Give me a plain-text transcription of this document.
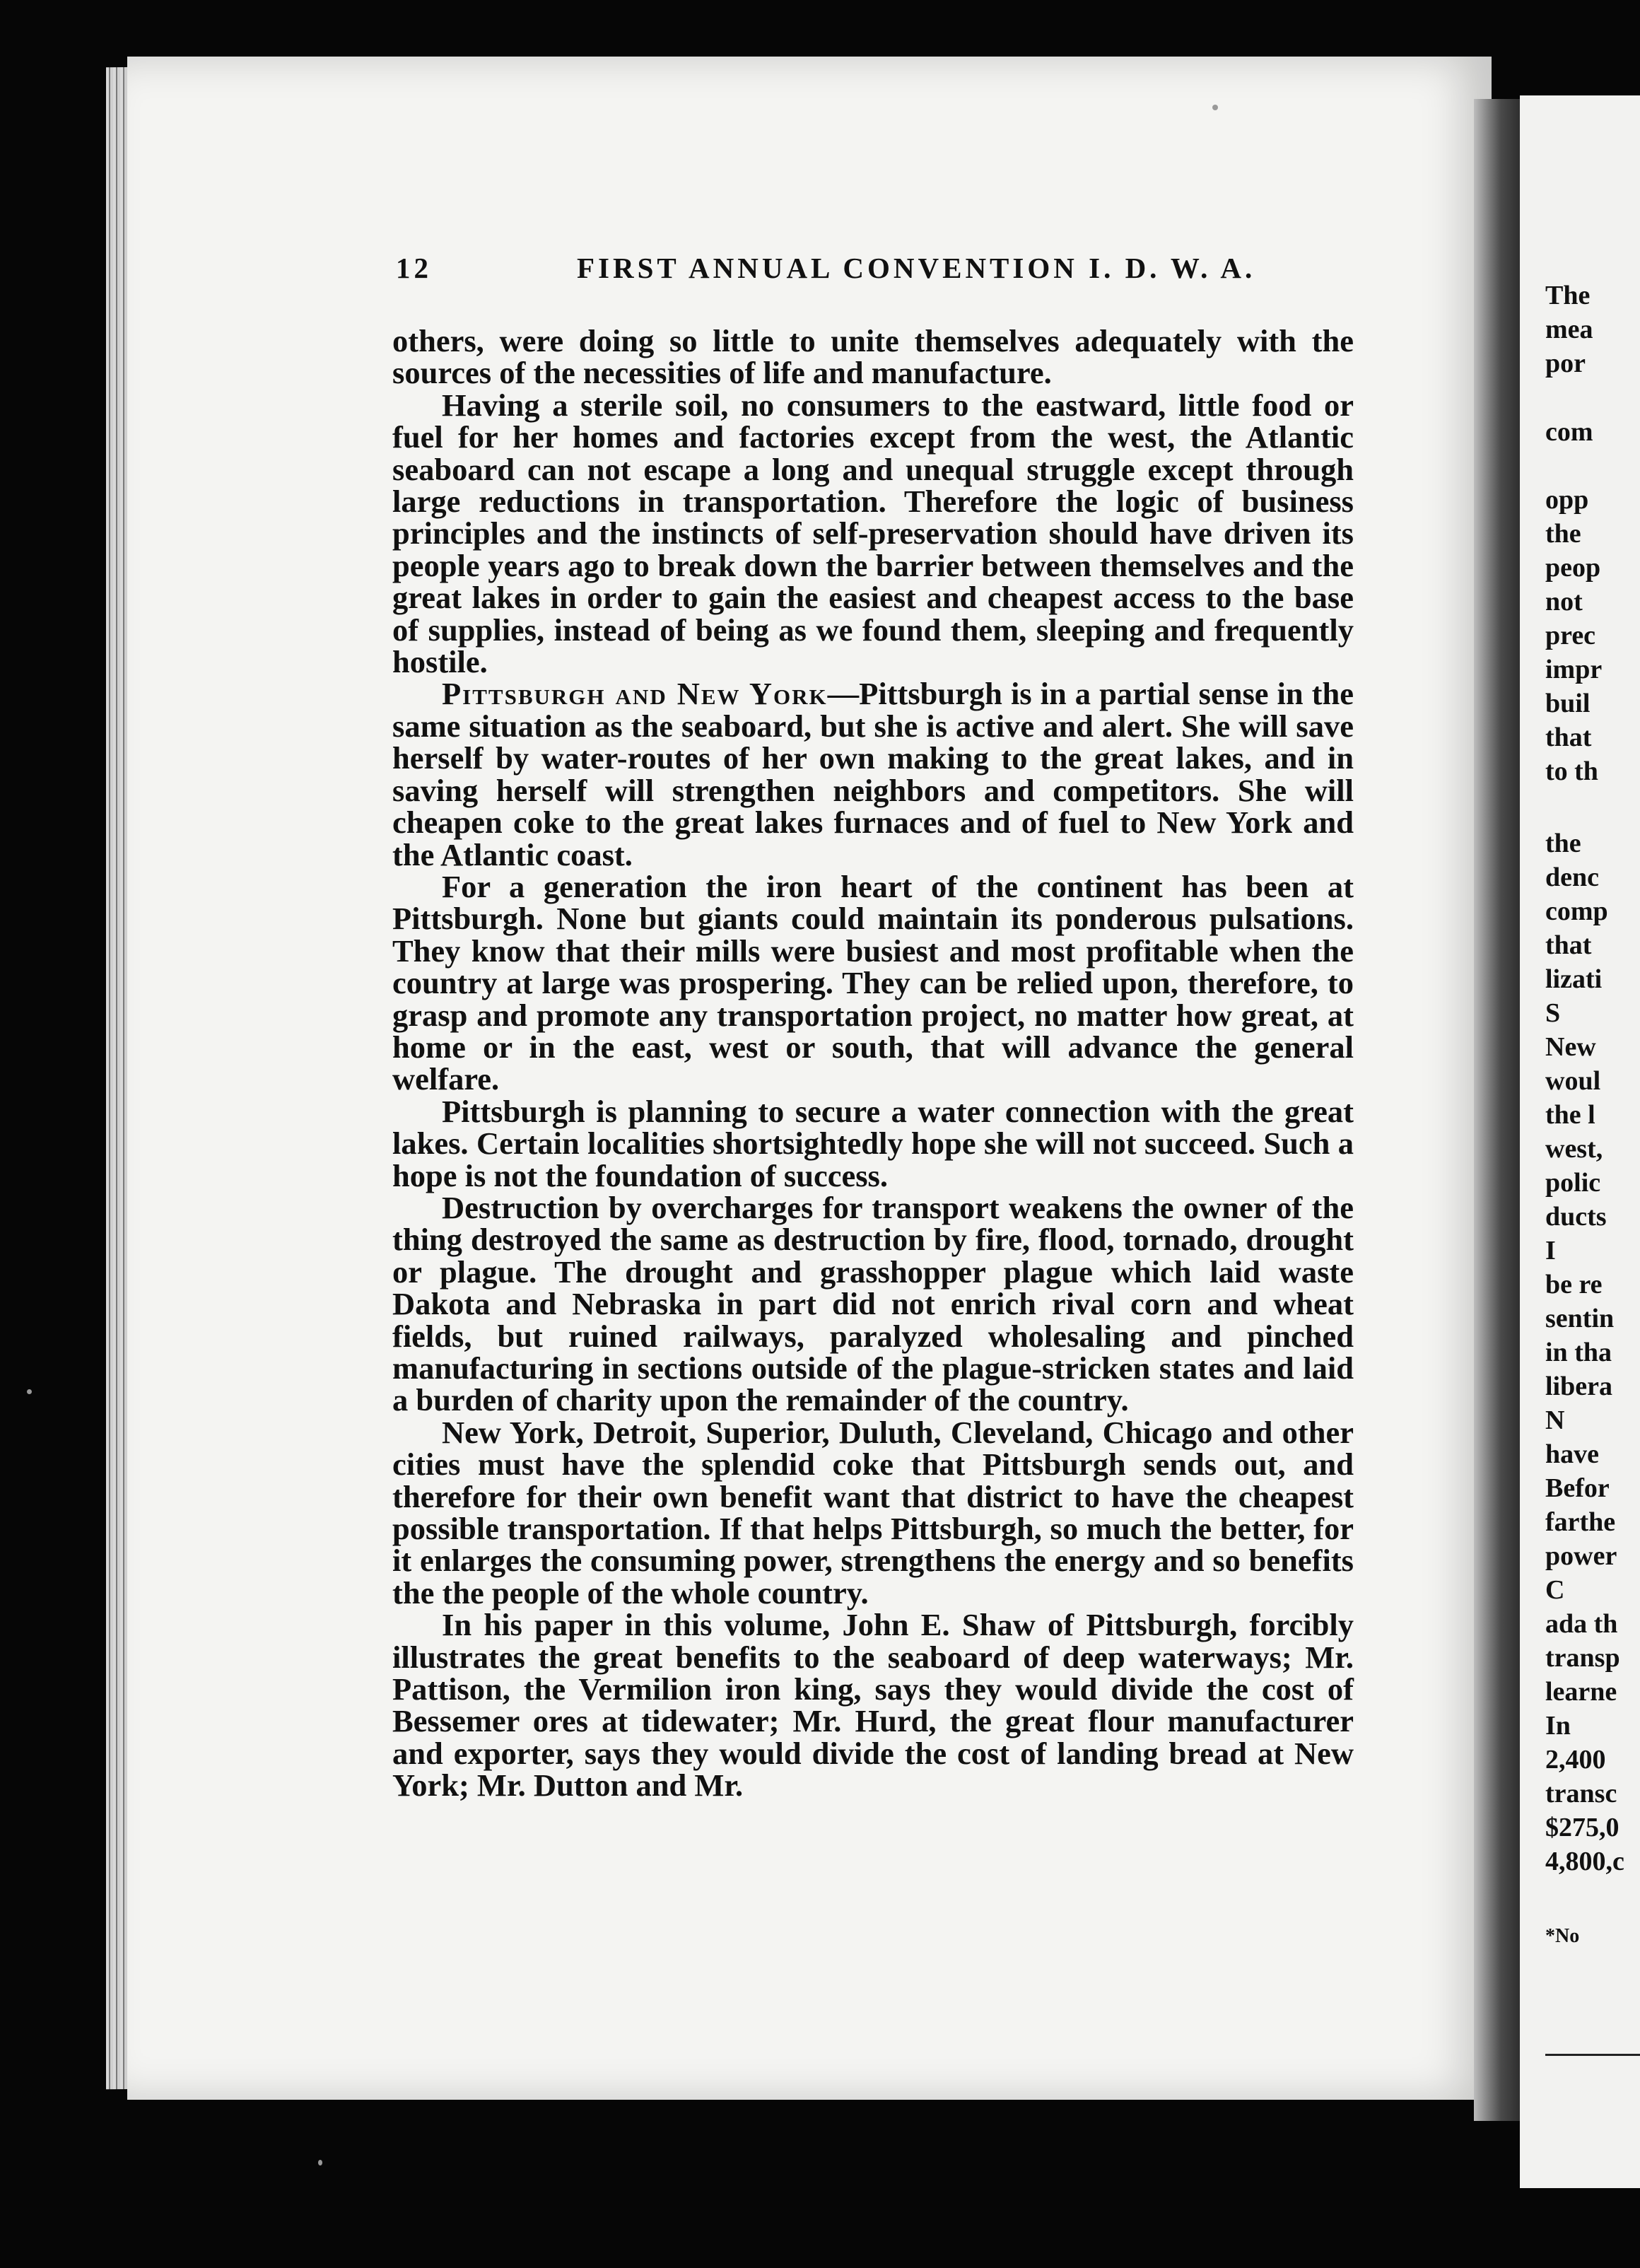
The

mea

por

com

opp

the

peop

not

prec

impr

buil

that

to th

the

denc

comp

that

lizati

S

New

woul

the l

west,

polic

ducts

I

be re

sentin

in tha

libera

N

have

Befor

farthe

power

C

ada th

transp

learne

In

2,400

transc

$275,0

4,800,c

*No

12	FIRST ANNUAL CONVENTION I. D. W. A.

others, were doing so little to unite themselves adequately with the sources of the necessities of life and manufacture.

Having a sterile soil, no consumers to the eastward, little food or fuel for her homes and factories except from the west, the Atlantic seaboard can not escape a long and unequal struggle except through large reductions in transportation. Therefore the logic of business principles and the instincts of self-preservation should have driven its people years ago to break down the barrier between themselves and the great lakes in order to gain the easiest and cheapest access to the base of supplies, instead of being as we found them, sleeping and frequently hostile.

Pittsburgh and New York—Pittsburgh is in a partial sense in the same situation as the seaboard, but she is active and alert. She will save herself by water-routes of her own making to the great lakes, and in saving herself will strengthen neighbors and competitors. She will cheapen coke to the great lakes furnaces and of fuel to New York and the Atlantic coast.

For a generation the iron heart of the continent has been at Pittsburgh. None but giants could maintain its ponderous pulsations. They know that their mills were busiest and most profitable when the country at large was prospering. They can be relied upon, therefore, to grasp and promote any transportation project, no matter how great, at home or in the east, west or south, that will advance the general welfare.

Pittsburgh is planning to secure a water connection with the great lakes. Certain localities shortsightedly hope she will not succeed. Such a hope is not the foundation of success.

Destruction by overcharges for transport weakens the owner of the thing destroyed the same as destruction by fire, flood, tornado, drought or plague. The drought and grasshopper plague which laid waste Dakota and Nebraska in part did not enrich rival corn and wheat fields, but ruined railways, paralyzed wholesaling and pinched manufacturing in sections outside of the plague-stricken states and laid a burden of charity upon the remainder of the country.

New York, Detroit, Superior, Duluth, Cleveland, Chicago and other cities must have the splendid coke that Pittsburgh sends out, and therefore for their own benefit want that district to have the cheapest possible transportation. If that helps Pittsburgh, so much the better, for it enlarges the consuming power, strengthens the energy and so benefits the the people of the whole country.

In his paper in this volume, John E. Shaw of Pittsburgh, forcibly illustrates the great benefits to the seaboard of deep waterways; Mr. Pattison, the Vermilion iron king, says they would divide the cost of Bessemer ores at tidewater; Mr. Hurd, the great flour manufacturer and exporter, says they would divide the cost of landing bread at New York; Mr. Dutton and Mr.
